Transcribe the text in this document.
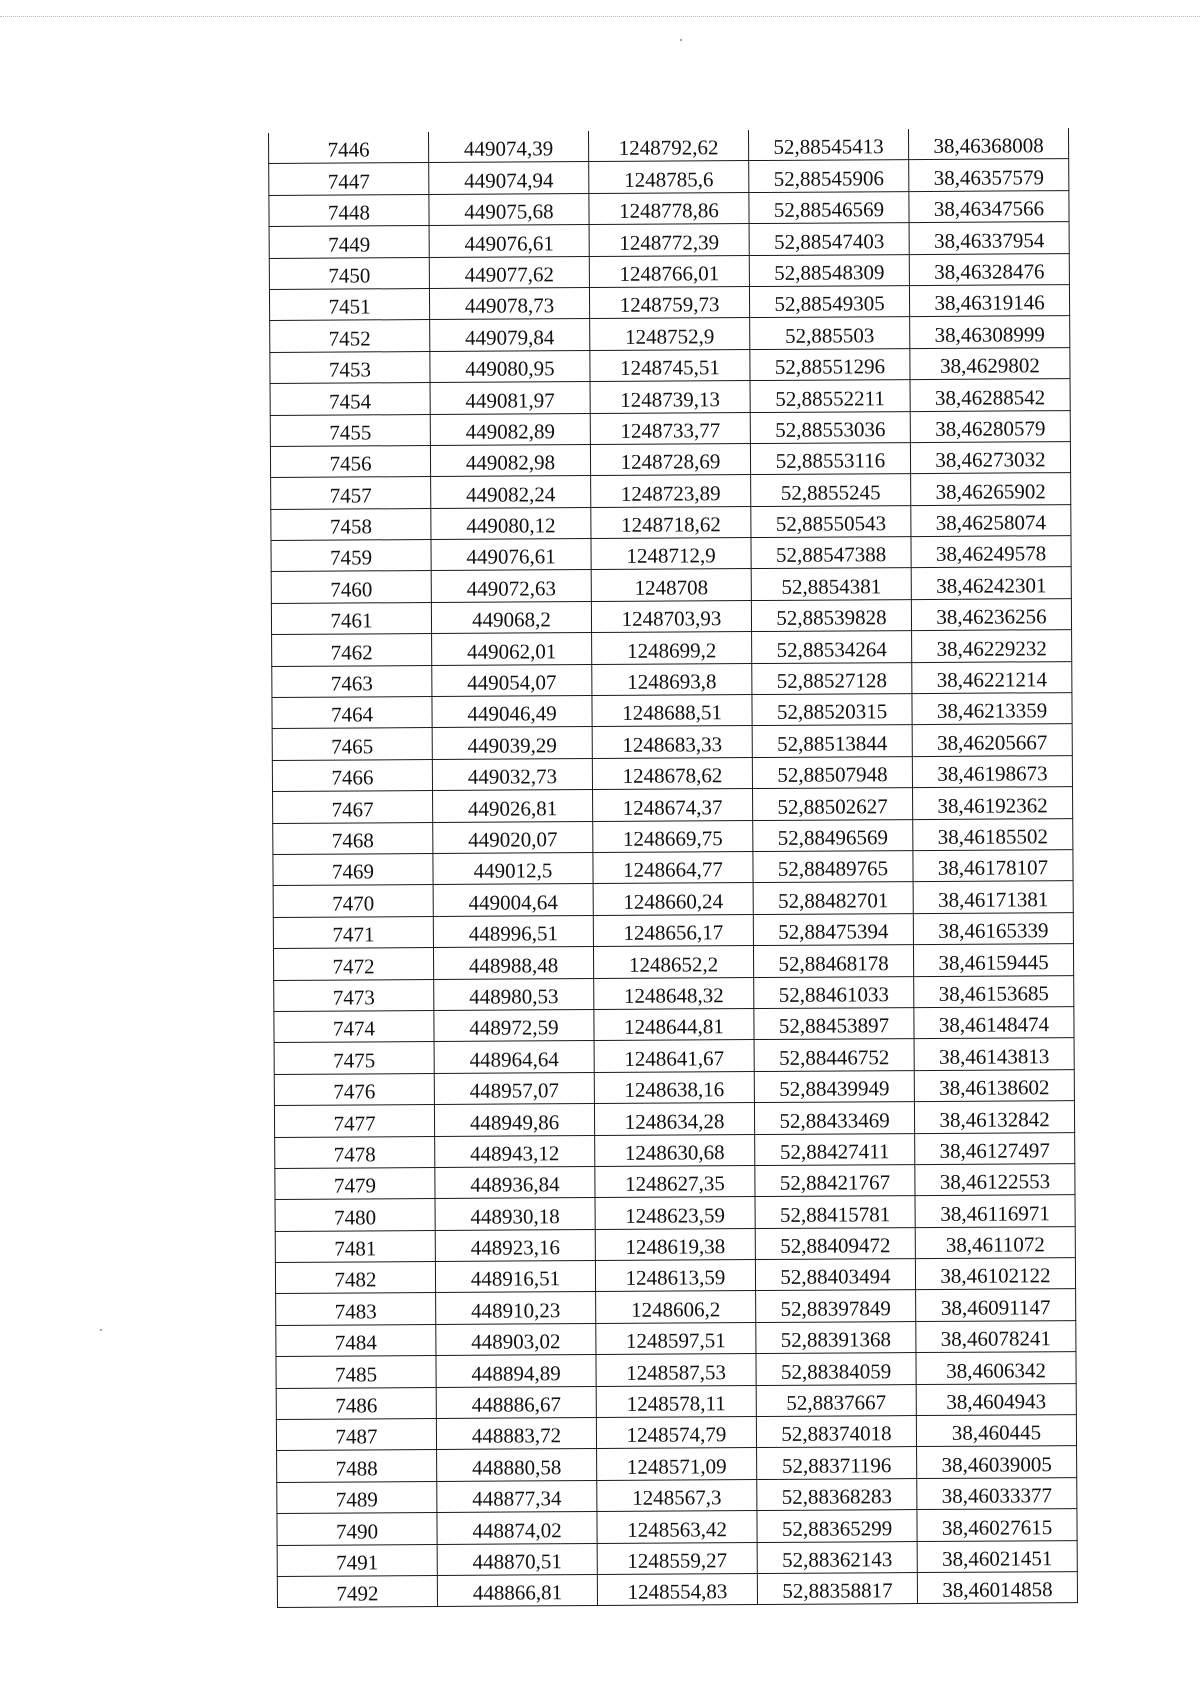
7446	449074,39	1248792,62	52,88545413	38,46368008
7447	449074,94	1248785,6	52,88545906	38,46357579
7448	449075,68	1248778,86	52,88546569	38,46347566
7449	449076,61	1248772,39	52,88547403	38,46337954
7450	449077,62	1248766,01	52,88548309	38,46328476
7451	449078,73	1248759,73	52,88549305	38,46319146
7452	449079,84	1248752,9	52,885503	38,46308999
7453	449080,95	1248745,51	52,88551296	38,4629802
7454	449081,97	1248739,13	52,88552211	38,46288542
7455	449082,89	1248733,77	52,88553036	38,46280579
7456	449082,98	1248728,69	52,88553116	38,46273032
7457	449082,24	1248723,89	52,8855245	38,46265902
7458	449080,12	1248718,62	52,88550543	38,46258074
7459	449076,61	1248712,9	52,88547388	38,46249578
7460	449072,63	1248708	52,8854381	38,46242301
7461	449068,2	1248703,93	52,88539828	38,46236256
7462	449062,01	1248699,2	52,88534264	38,46229232
7463	449054,07	1248693,8	52,88527128	38,46221214
7464	449046,49	1248688,51	52,88520315	38,46213359
7465	449039,29	1248683,33	52,88513844	38,46205667
7466	449032,73	1248678,62	52,88507948	38,46198673
7467	449026,81	1248674,37	52,88502627	38,46192362
7468	449020,07	1248669,75	52,88496569	38,46185502
7469	449012,5	1248664,77	52,88489765	38,46178107
7470	449004,64	1248660,24	52,88482701	38,46171381
7471	448996,51	1248656,17	52,88475394	38,46165339
7472	448988,48	1248652,2	52,88468178	38,46159445
7473	448980,53	1248648,32	52,88461033	38,46153685
7474	448972,59	1248644,81	52,88453897	38,46148474
7475	448964,64	1248641,67	52,88446752	38,46143813
7476	448957,07	1248638,16	52,88439949	38,46138602
7477	448949,86	1248634,28	52,88433469	38,46132842
7478	448943,12	1248630,68	52,88427411	38,46127497
7479	448936,84	1248627,35	52,88421767	38,46122553
7480	448930,18	1248623,59	52,88415781	38,46116971
7481	448923,16	1248619,38	52,88409472	38,4611072
7482	448916,51	1248613,59	52,88403494	38,46102122
7483	448910,23	1248606,2	52,88397849	38,46091147
7484	448903,02	1248597,51	52,88391368	38,46078241
7485	448894,89	1248587,53	52,88384059	38,4606342
7486	448886,67	1248578,11	52,8837667	38,4604943
7487	448883,72	1248574,79	52,88374018	38,460445
7488	448880,58	1248571,09	52,88371196	38,46039005
7489	448877,34	1248567,3	52,88368283	38,46033377
7490	448874,02	1248563,42	52,88365299	38,46027615
7491	448870,51	1248559,27	52,88362143	38,46021451
7492	448866,81	1248554,83	52,88358817	38,46014858
